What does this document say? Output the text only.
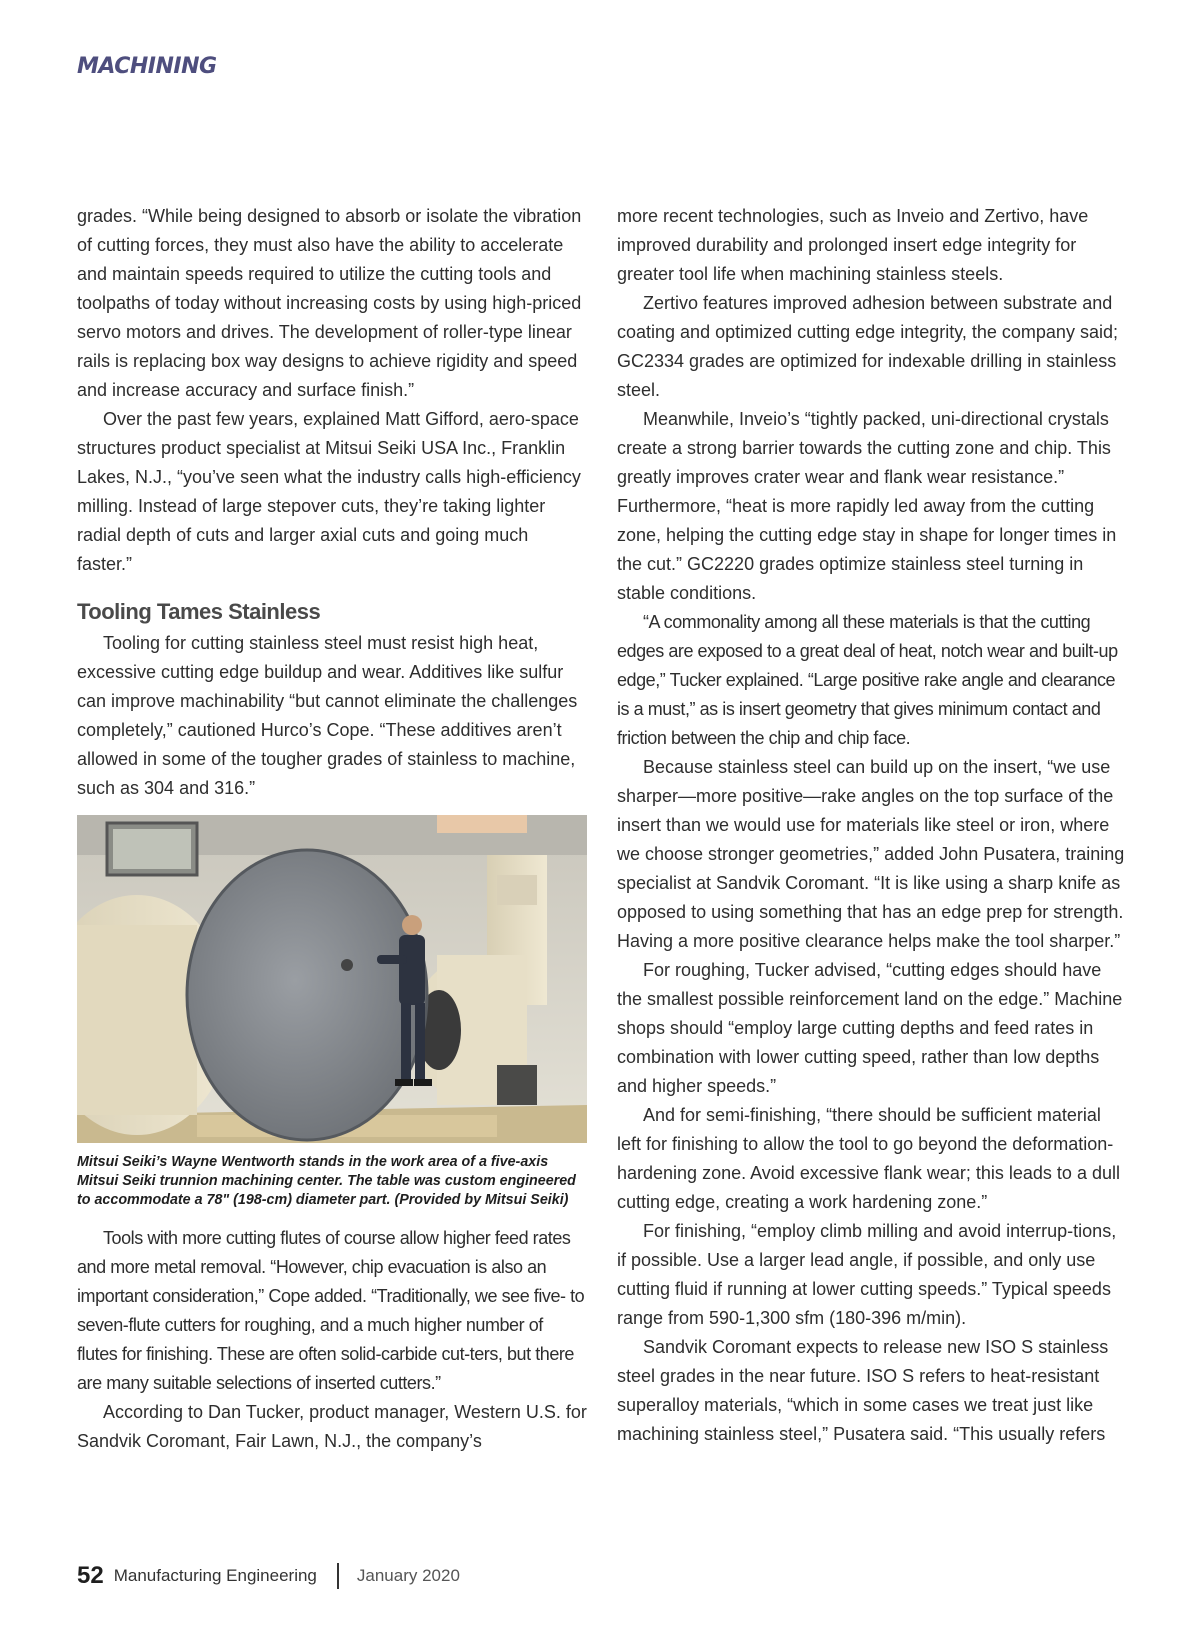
MACHINING

grades. “While being designed to absorb or isolate the vibration of cutting forces, they must also have the ability to accelerate and maintain speeds required to utilize the cutting tools and toolpaths of today without increasing costs by using high-priced servo motors and drives. The development of roller-type linear rails is replacing box way designs to achieve rigidity and speed and increase accuracy and surface finish.”

Over the past few years, explained Matt Gifford, aero-space structures product specialist at Mitsui Seiki USA Inc., Franklin Lakes, N.J., “you’ve seen what the industry calls high-efficiency milling. Instead of large stepover cuts, they’re taking lighter radial depth of cuts and larger axial cuts and going much faster.”

Tooling Tames Stainless

Tooling for cutting stainless steel must resist high heat, excessive cutting edge buildup and wear. Additives like sulfur can improve machinability “but cannot eliminate the challenges completely,” cautioned Hurco’s Cope. “These additives aren’t allowed in some of the tougher grades of stainless to machine, such as 304 and 316.”

Mitsui Seiki’s Wayne Wentworth stands in the work area of a five-axis Mitsui Seiki trunnion machining center. The table was custom engineered to accommodate a 78" (198-cm) diameter part. (Provided by Mitsui Seiki)

Tools with more cutting flutes of course allow higher feed rates and more metal removal. “However, chip evacuation is also an important consideration,” Cope added. “Traditionally, we see five- to seven-flute cutters for roughing, and a much higher number of flutes for finishing. These are often solid-carbide cut-ters, but there are many suitable selections of inserted cutters.”

According to Dan Tucker, product manager, Western U.S. for Sandvik Coromant, Fair Lawn, N.J., the company’s

more recent technologies, such as Inveio and Zertivo, have improved durability and prolonged insert edge integrity for greater tool life when machining stainless steels.

Zertivo features improved adhesion between substrate and coating and optimized cutting edge integrity, the company said; GC2334 grades are optimized for indexable drilling in stainless steel.

Meanwhile, Inveio’s “tightly packed, uni-directional crystals create a strong barrier towards the cutting zone and chip. This greatly improves crater wear and flank wear resistance.” Furthermore, “heat is more rapidly led away from the cutting zone, helping the cutting edge stay in shape for longer times in the cut.” GC2220 grades optimize stainless steel turning in stable conditions.

“A commonality among all these materials is that the cutting edges are exposed to a great deal of heat, notch wear and built-up edge,” Tucker explained. “Large positive rake angle and clearance is a must,” as is insert geometry that gives minimum contact and friction between the chip and chip face.

Because stainless steel can build up on the insert, “we use sharper—more positive—rake angles on the top surface of the insert than we would use for materials like steel or iron, where we choose stronger geometries,” added John Pusatera, training specialist at Sandvik Coromant. “It is like using a sharp knife as opposed to using something that has an edge prep for strength. Having a more positive clearance helps make the tool sharper.”

For roughing, Tucker advised, “cutting edges should have the smallest possible reinforcement land on the edge.” Machine shops should “employ large cutting depths and feed rates in combination with lower cutting speed, rather than low depths and higher speeds.”

And for semi-finishing, “there should be sufficient material left for finishing to allow the tool to go beyond the deformation-hardening zone. Avoid excessive flank wear; this leads to a dull cutting edge, creating a work hardening zone.”

For finishing, “employ climb milling and avoid interrup-tions, if possible. Use a larger lead angle, if possible, and only use cutting fluid if running at lower cutting speeds.” Typical speeds range from 590-1,300 sfm (180-396 m/min).

Sandvik Coromant expects to release new ISO S stainless steel grades in the near future. ISO S refers to heat-resistant superalloy materials, “which in some cases we treat just like machining stainless steel,” Pusatera said. “This usually refers

52 Manufacturing Engineering January 2020
